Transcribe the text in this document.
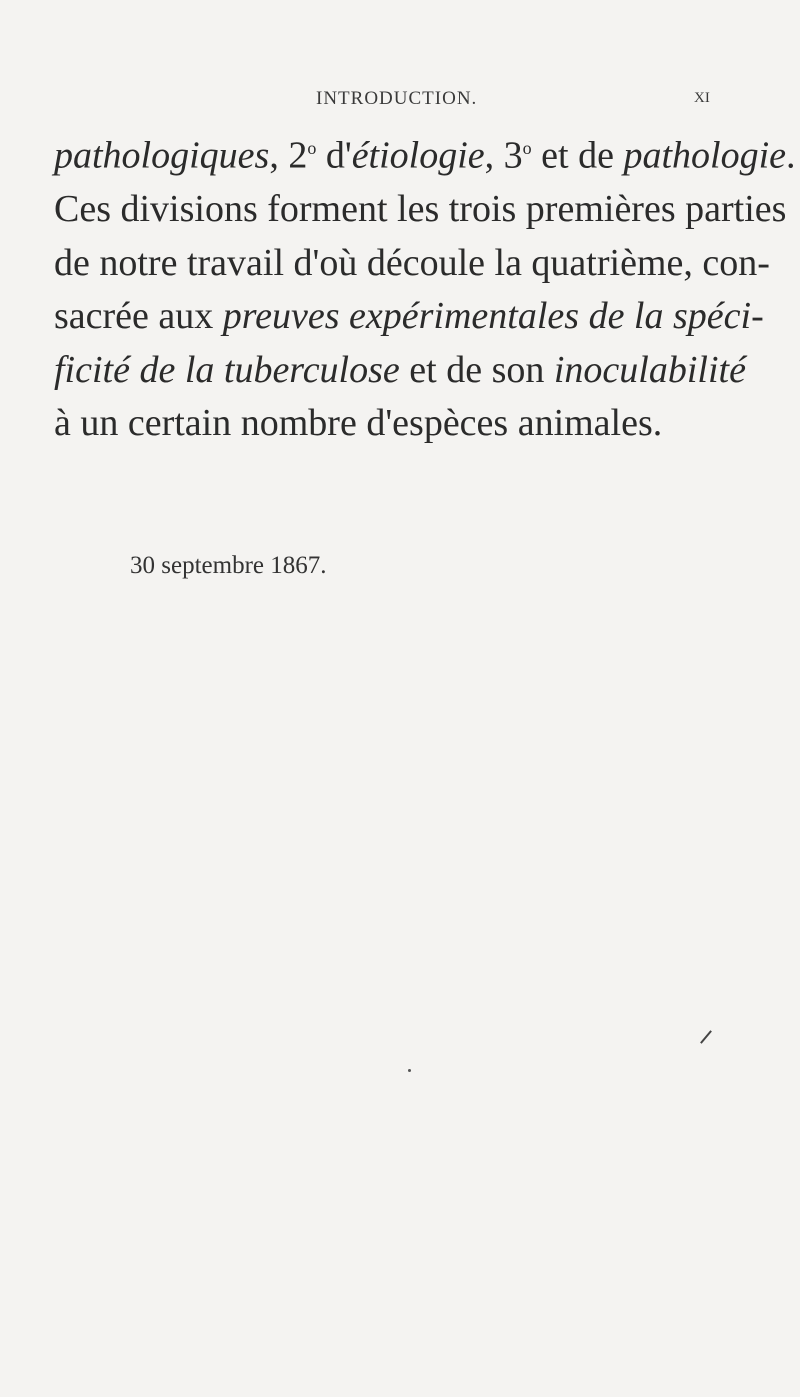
INTRODUCTION.	XI
pathologiques, 2$^o$ d'étiologie, 3$^o$ et de pathologie.
Ces divisions forment les trois premières parties
de notre travail d'où découle la quatrième, con-
sacrée aux preuves expérimentales de la spéci-
ficité de la tuberculose et de son inoculabilité
à un certain nombre d'espèces animales.
30 septembre 1867.
